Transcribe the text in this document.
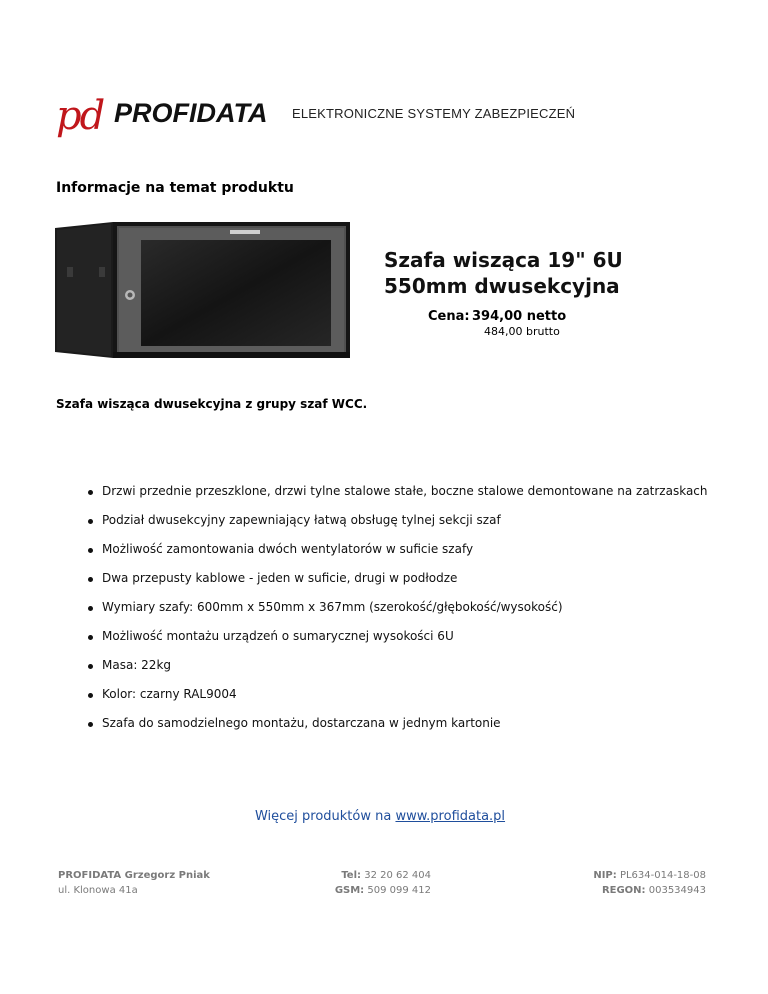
pd PROFIDATA ELEKTRONICZNE SYSTEMY ZABEZPIECZEŃ
Informacje na temat produktu
Szafa wisząca 19" 6U
550mm dwusekcyjna
Cena: 394,00 netto
484,00 brutto
Szafa wisząca dwusekcyjna z grupy szaf WCC.
Drzwi przednie przeszklone, drzwi tylne stalowe stałe, boczne stalowe demontowane na zatrzaskach
Podział dwusekcyjny zapewniający łatwą obsługę tylnej sekcji szaf
Możliwość zamontowania dwóch wentylatorów w suficie szafy
Dwa przepusty kablowe - jeden w suficie, drugi w podłodze
Wymiary szafy: 600mm x 550mm x 367mm (szerokość/głębokość/wysokość)
Możliwość montażu urządzeń o sumarycznej wysokości 6U
Masa: 22kg
Kolor: czarny RAL9004
Szafa do samodzielnego montażu, dostarczana w jednym kartonie
Więcej produktów na www.profidata.pl
PROFIDATA Grzegorz Pniak
ul. Klonowa 41a
Tel: 32 20 62 404
GSM: 509 099 412
NIP: PL634-014-18-08
REGON: 003534943
